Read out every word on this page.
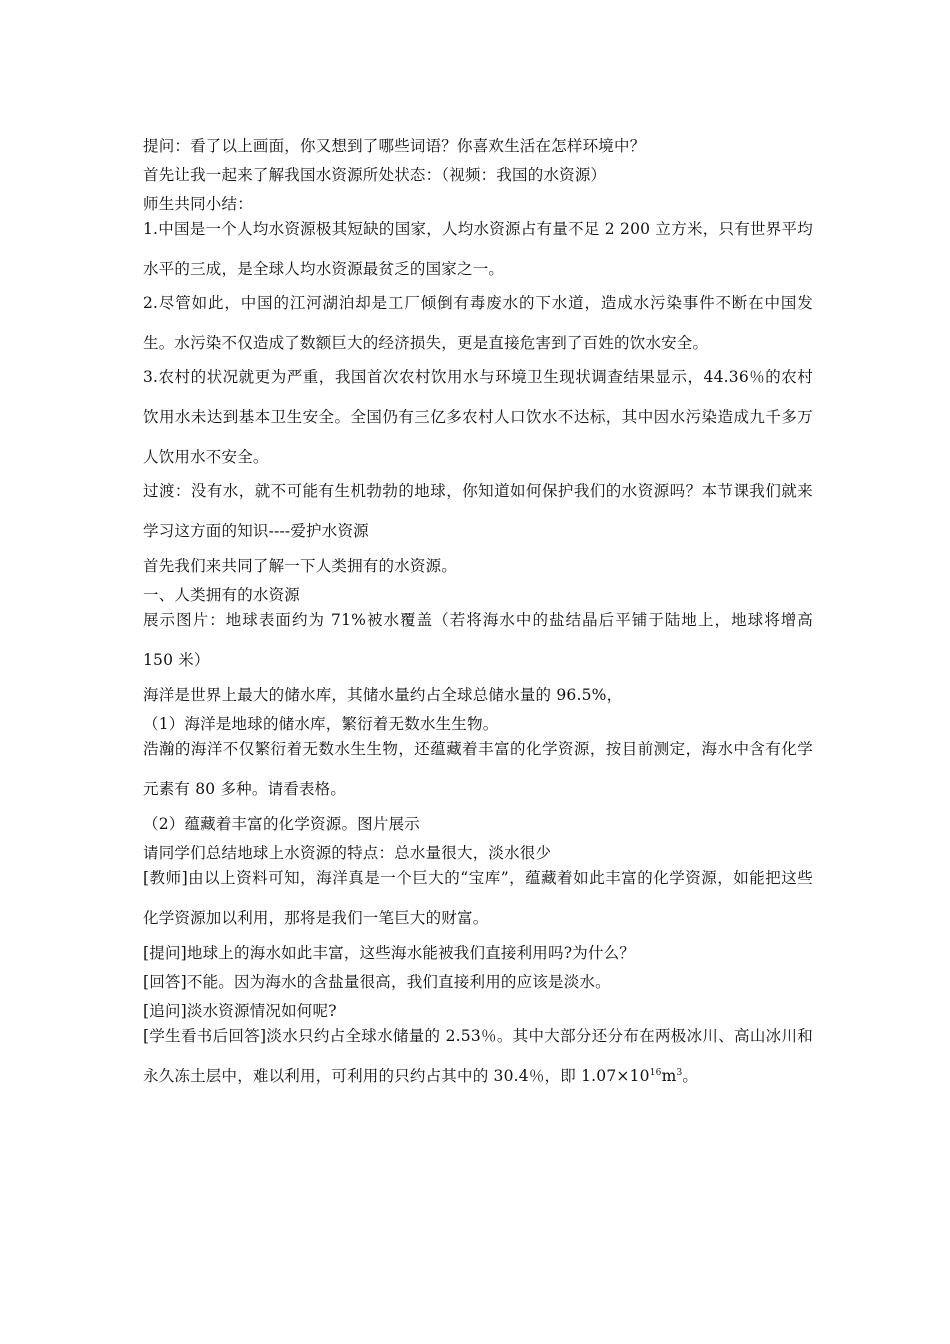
提问：看了以上画面，你又想到了哪些词语？你喜欢生活在怎样环境中？

首先让我一起来了解我国水资源所处状态：（视频：我国的水资源）

师生共同小结：

1.中国是一个人均水资源极其短缺的国家，人均水资源占有量不足 2 200 立方米，只有世界平均水平的三成，是全球人均水资源最贫乏的国家之一。

2.尽管如此，中国的江河湖泊却是工厂倾倒有毒废水的下水道，造成水污染事件不断在中国发生。水污染不仅造成了数额巨大的经济损失，更是直接危害到了百姓的饮水安全。

3.农村的状况就更为严重，我国首次农村饮用水与环境卫生现状调查结果显示，44.36％的农村饮用水未达到基本卫生安全。全国仍有三亿多农村人口饮水不达标，其中因水污染造成九千多万人饮用水不安全。

过渡：没有水，就不可能有生机勃勃的地球，你知道如何保护我们的水资源吗？本节课我们就来学习这方面的知识----爱护水资源

首先我们来共同了解一下人类拥有的水资源。

一、人类拥有的水资源

展示图片：地球表面约为 71%被水覆盖（若将海水中的盐结晶后平铺于陆地上，地球将增高 150 米）

海洋是世界上最大的储水库，其储水量约占全球总储水量的 96.5%，

（1）海洋是地球的储水库，繁衍着无数水生生物。

浩瀚的海洋不仅繁衍着无数水生生物，还蕴藏着丰富的化学资源，按目前测定，海水中含有化学元素有 80 多种。请看表格。

（2）蕴藏着丰富的化学资源。图片展示

请同学们总结地球上水资源的特点：总水量很大，淡水很少

[教师]由以上资料可知，海洋真是一个巨大的“宝库”，蕴藏着如此丰富的化学资源，如能把这些化学资源加以利用，那将是我们一笔巨大的财富。

[提问]地球上的海水如此丰富，这些海水能被我们直接利用吗?为什么？

[回答]不能。因为海水的含盐量很高，我们直接利用的应该是淡水。

[追问]淡水资源情况如何呢?

[学生看书后回答]淡水只约占全球水储量的 2.53％。其中大部分还分布在两极冰川、高山冰川和永久冻土层中，难以利用，可利用的只约占其中的 30.4％，即 $1.07\times 10^{16}m^3$。
